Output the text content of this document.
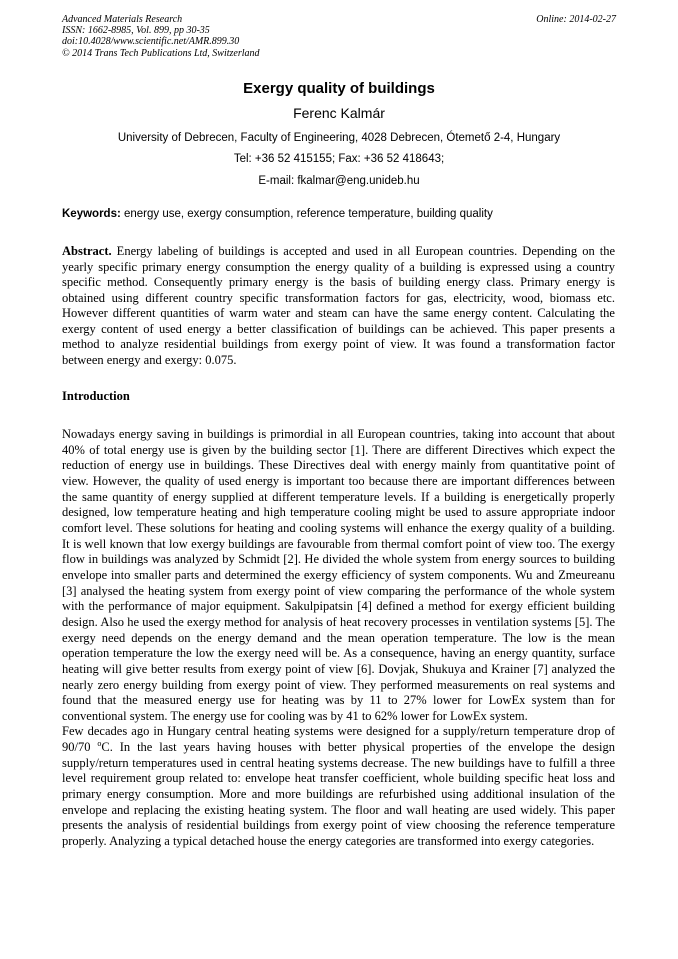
Advanced Materials Research
ISSN: 1662-8985, Vol. 899, pp 30-35
doi:10.4028/www.scientific.net/AMR.899.30
© 2014 Trans Tech Publications Ltd, Switzerland
Online: 2014-02-27
Exergy quality of buildings
Ferenc Kalmár
University of Debrecen, Faculty of Engineering, 4028 Debrecen, Ótemető 2-4, Hungary
Tel: +36 52 415155; Fax: +36 52 418643;
E-mail: fkalmar@eng.unideb.hu
Keywords: energy use, exergy consumption, reference temperature, building quality
Abstract. Energy labeling of buildings is accepted and used in all European countries. Depending on the yearly specific primary energy consumption the energy quality of a building is expressed using a country specific method. Consequently primary energy is the basis of building energy class. Primary energy is obtained using different country specific transformation factors for gas, electricity, wood, biomass etc. However different quantities of warm water and steam can have the same energy content. Calculating the exergy content of used energy a better classification of buildings can be achieved. This paper presents a method to analyze residential buildings from exergy point of view. It was found a transformation factor between energy and exergy: 0.075.
Introduction

Nowadays energy saving in buildings is primordial in all European countries, taking into account that about 40% of total energy use is given by the building sector [1]. There are different Directives which expect the reduction of energy use in buildings. These Directives deal with energy mainly from quantitative point of view. However, the quality of used energy is important too because there are important differences between the same quantity of energy supplied at different temperature levels. If a building is energetically properly designed, low temperature heating and high temperature cooling might be used to assure appropriate indoor comfort level. These solutions for heating and cooling systems will enhance the exergy quality of a building. It is well known that low exergy buildings are favourable from thermal comfort point of view too. The exergy flow in buildings was analyzed by Schmidt [2]. He divided the whole system from energy sources to building envelope into smaller parts and determined the exergy efficiency of system components. Wu and Zmeureanu [3] analysed the heating system from exergy point of view comparing the performance of the whole system with the performance of major equipment. Sakulpipatsin [4] defined a method for exergy efficient building design. Also he used the exergy method for analysis of heat recovery processes in ventilation systems [5]. The exergy need depends on the energy demand and the mean operation temperature. The low is the mean operation temperature the low the exergy need will be. As a consequence, having an energy quantity, surface heating will give better results from exergy point of view [6]. Dovjak, Shukuya and Krainer [7] analyzed the nearly zero energy building from exergy point of view. They performed measurements on real systems and found that the measured energy use for heating was by 11 to 27% lower for LowEx system than for conventional system. The energy use for cooling was by 41 to 62% lower for LowEx system.

Few decades ago in Hungary central heating systems were designed for a supply/return temperature drop of 90/70 $^o$C. In the last years having houses with better physical properties of the envelope the design supply/return temperatures used in central heating systems decrease. The new buildings have to fulfill a three level requirement group related to: envelope heat transfer coefficient, whole building specific heat loss and primary energy consumption. More and more buildings are refurbished using additional insulation of the envelope and replacing the existing heating system. The floor and wall heating are used widely. This paper presents the analysis of residential buildings from exergy point of view choosing the reference temperature properly. Analyzing a typical detached house the energy categories are transformed into exergy categories.
